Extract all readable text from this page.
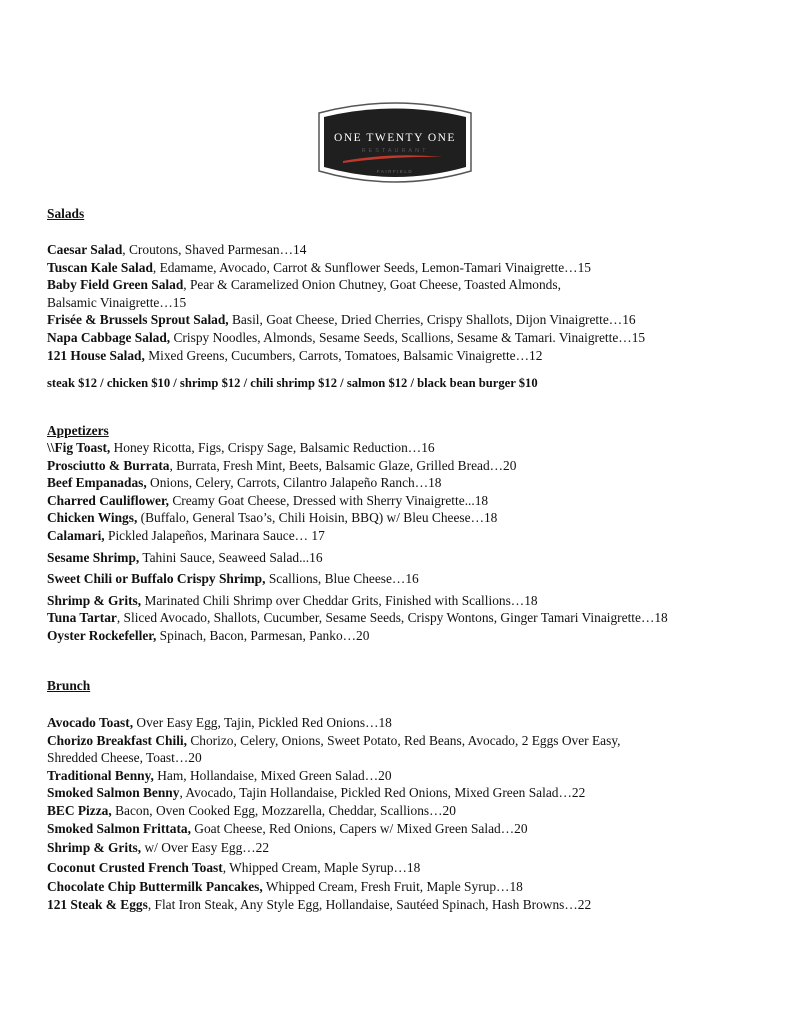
ONE TWENTY ONE
RESTAURANT
FAIRFIELD
Salads
Caesar Salad, Croutons, Shaved Parmesan…14
Tuscan Kale Salad, Edamame, Avocado, Carrot & Sunflower Seeds, Lemon-Tamari Vinaigrette…15
Baby Field Green Salad, Pear & Caramelized Onion Chutney, Goat Cheese, Toasted Almonds,
Balsamic Vinaigrette…15
Frisée & Brussels Sprout Salad, Basil, Goat Cheese, Dried Cherries, Crispy Shallots, Dijon Vinaigrette…16
Napa Cabbage Salad, Crispy Noodles, Almonds, Sesame Seeds, Scallions, Sesame & Tamari. Vinaigrette…15
121 House Salad, Mixed Greens, Cucumbers, Carrots, Tomatoes, Balsamic Vinaigrette…12

steak $12 / chicken $10 / shrimp $12 / chili shrimp $12 / salmon $12 / black bean burger $10

Appetizers
\\Fig Toast, Honey Ricotta, Figs, Crispy Sage, Balsamic Reduction…16
Prosciutto & Burrata, Burrata, Fresh Mint, Beets, Balsamic Glaze, Grilled Bread…20
Beef Empanadas, Onions, Celery, Carrots, Cilantro Jalapeño Ranch…18
Charred Cauliflower, Creamy Goat Cheese, Dressed with Sherry Vinaigrette...18
Chicken Wings, (Buffalo, General Tsao’s, Chili Hoisin, BBQ) w/ Bleu Cheese…18
Calamari, Pickled Jalapeños, Marinara Sauce… 17
Sesame Shrimp, Tahini Sauce, Seaweed Salad...16
Sweet Chili or Buffalo Crispy Shrimp, Scallions, Blue Cheese…16
Shrimp & Grits, Marinated Chili Shrimp over Cheddar Grits, Finished with Scallions…18
Tuna Tartar, Sliced Avocado, Shallots, Cucumber, Sesame Seeds, Crispy Wontons, Ginger Tamari Vinaigrette…18
Oyster Rockefeller, Spinach, Bacon, Parmesan, Panko…20
Brunch
Avocado Toast, Over Easy Egg, Tajin, Pickled Red Onions…18
Chorizo Breakfast Chili, Chorizo, Celery, Onions, Sweet Potato, Red Beans, Avocado, 2 Eggs Over Easy,
Shredded Cheese, Toast…20
Traditional Benny, Ham, Hollandaise, Mixed Green Salad…20
Smoked Salmon Benny, Avocado, Tajin Hollandaise, Pickled Red Onions, Mixed Green Salad…22
BEC Pizza, Bacon, Oven Cooked Egg, Mozzarella, Cheddar, Scallions…20
Smoked Salmon Frittata, Goat Cheese, Red Onions, Capers w/ Mixed Green Salad…20
Shrimp & Grits, w/ Over Easy Egg…22
Coconut Crusted French Toast, Whipped Cream, Maple Syrup…18
Chocolate Chip Buttermilk Pancakes, Whipped Cream, Fresh Fruit, Maple Syrup…18
121 Steak & Eggs, Flat Iron Steak, Any Style Egg, Hollandaise, Sautéed Spinach, Hash Browns…22
